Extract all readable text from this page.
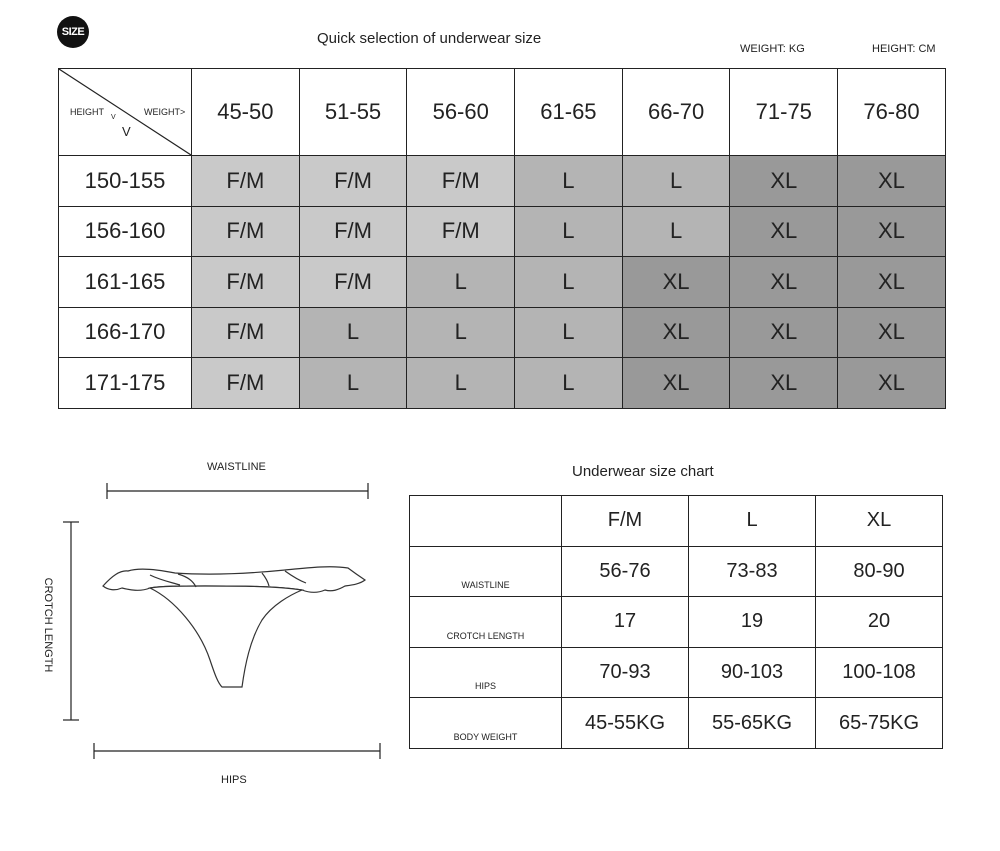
SIZE	Quick selection of underwear size
WEIGHT: KG	HEIGHT: CM
HEIGHT
V
V
WEIGHT>	45-50	51-55	56-60	61-65	66-70	71-75	76-80
150-155	F/M	F/M	F/M	L	L	XL	XL
156-160	F/M	F/M	F/M	L	L	XL	XL
161-165	F/M	F/M	L	L	XL	XL	XL
166-170	F/M	L	L	L	XL	XL	XL
171-175	F/M	L	L	L	XL	XL	XL
WAISTLINE
HIPS
CROTCH LENGTH
Underwear size chart
	F/M	L	XL
WAISTLINE	56-76	73-83	80-90
CROTCH LENGTH	17	19	20
HIPS	70-93	90-103	100-108
BODY WEIGHT	45-55KG	55-65KG	65-75KG
